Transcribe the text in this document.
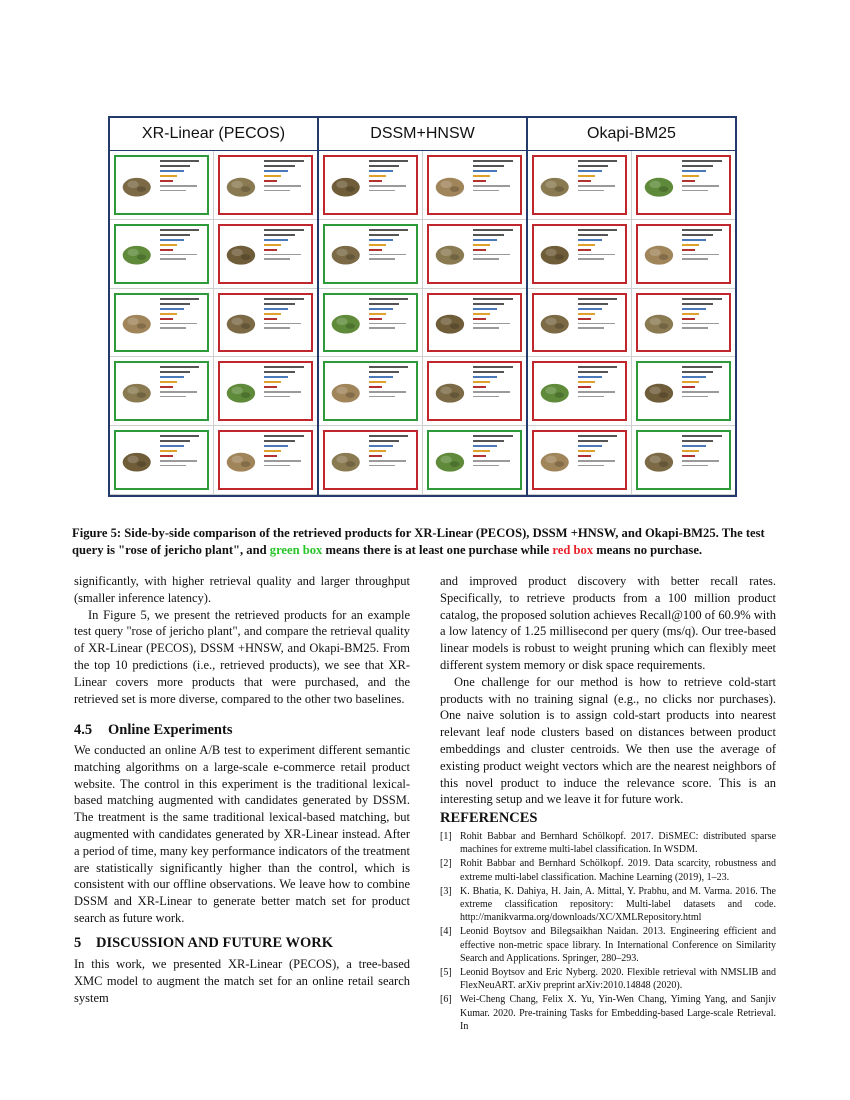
XR-Linear (PECOS)	DSSM+HNSW	Okapi-BM25

Figure 5: Side-by-side comparison of the retrieved products for XR-Linear (PECOS), DSSM +HNSW, and Okapi-BM25. The test query is "rose of jericho plant", and green box means there is at least one purchase while red box means no purchase.

significantly, with higher retrieval quality and larger throughput (smaller inference latency).

In Figure 5, we present the retrieved products for an example test query "rose of jericho plant", and compare the retrieval quality of XR-Linear (PECOS), DSSM +HNSW, and Okapi-BM25. From the top 10 predictions (i.e., retrieved products), we see that XR-Linear covers more products that were purchased, and the retrieved set is more diverse, compared to the other two baselines.

4.5 Online Experiments

We conducted an online A/B test to experiment different semantic matching algorithms on a large-scale e-commerce retail product website. The control in this experiment is the traditional lexical-based matching augmented with candidates generated by DSSM. The treatment is the same traditional lexical-based matching, but augmented with candidates generated by XR-Linear instead. After a period of time, many key performance indicators of the treatment are statistically significantly higher than the control, which is consistent with our offline observations. We leave how to combine DSSM and XR-Linear to generate better match set for product search as future work.

5 DISCUSSION AND FUTURE WORK

In this work, we presented XR-Linear (PECOS), a tree-based XMC model to augment the match set for an online retail search system

and improved product discovery with better recall rates. Specifically, to retrieve products from a 100 million product catalog, the proposed solution achieves Recall@100 of 60.9% with a low latency of 1.25 millisecond per query (ms/q). Our tree-based linear models is robust to weight pruning which can flexibly meet different system memory or disk space requirements.

One challenge for our method is how to retrieve cold-start products with no training signal (e.g., no clicks nor purchases). One naive solution is to assign cold-start products into nearest relevant leaf node clusters based on distances between product embeddings and cluster centroids. We then use the average of existing product weight vectors which are the nearest neighbors of this novel product to induce the relevance score. This is an interesting setup and we leave it for future work.

REFERENCES
[1] Rohit Babbar and Bernhard Schölkopf. 2017. DiSMEC: distributed sparse machines for extreme multi-label classification. In WSDM.
[2] Rohit Babbar and Bernhard Schölkopf. 2019. Data scarcity, robustness and extreme multi-label classification. Machine Learning (2019), 1–23.
[3] K. Bhatia, K. Dahiya, H. Jain, A. Mittal, Y. Prabhu, and M. Varma. 2016. The extreme classification repository: Multi-label datasets and code. http://manikvarma.org/downloads/XC/XMLRepository.html
[4] Leonid Boytsov and Bilegsaikhan Naidan. 2013. Engineering efficient and effective non-metric space library. In International Conference on Similarity Search and Applications. Springer, 280–293.
[5] Leonid Boytsov and Eric Nyberg. 2020. Flexible retrieval with NMSLIB and FlexNeuART. arXiv preprint arXiv:2010.14848 (2020).
[6] Wei-Cheng Chang, Felix X. Yu, Yin-Wen Chang, Yiming Yang, and Sanjiv Kumar. 2020. Pre-training Tasks for Embedding-based Large-scale Retrieval. In
